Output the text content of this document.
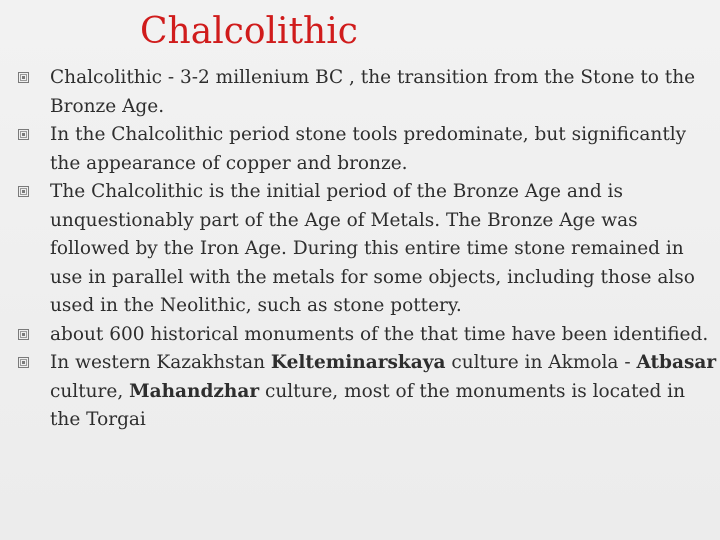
Chalcolithic
Chalcolithic - 3-2 millenium BC , the transition from the Stone to the Bronze Age.
In the Chalcolithic period stone tools predominate, but significantly the appearance of copper and bronze.
The Chalcolithic is the initial period of the Bronze Age and is unquestionably part of the Age of Metals. The Bronze Age was followed by the Iron Age. During this entire time stone remained in use in parallel with the metals for some objects, including those also used in the Neolithic, such as stone pottery.
about 600 historical monuments of the that time have been identified.
In western Kazakhstan Kelteminarskaya culture in Akmola - Atbasar culture, Mahandzhar culture, most of the monuments is located in the Torgai
